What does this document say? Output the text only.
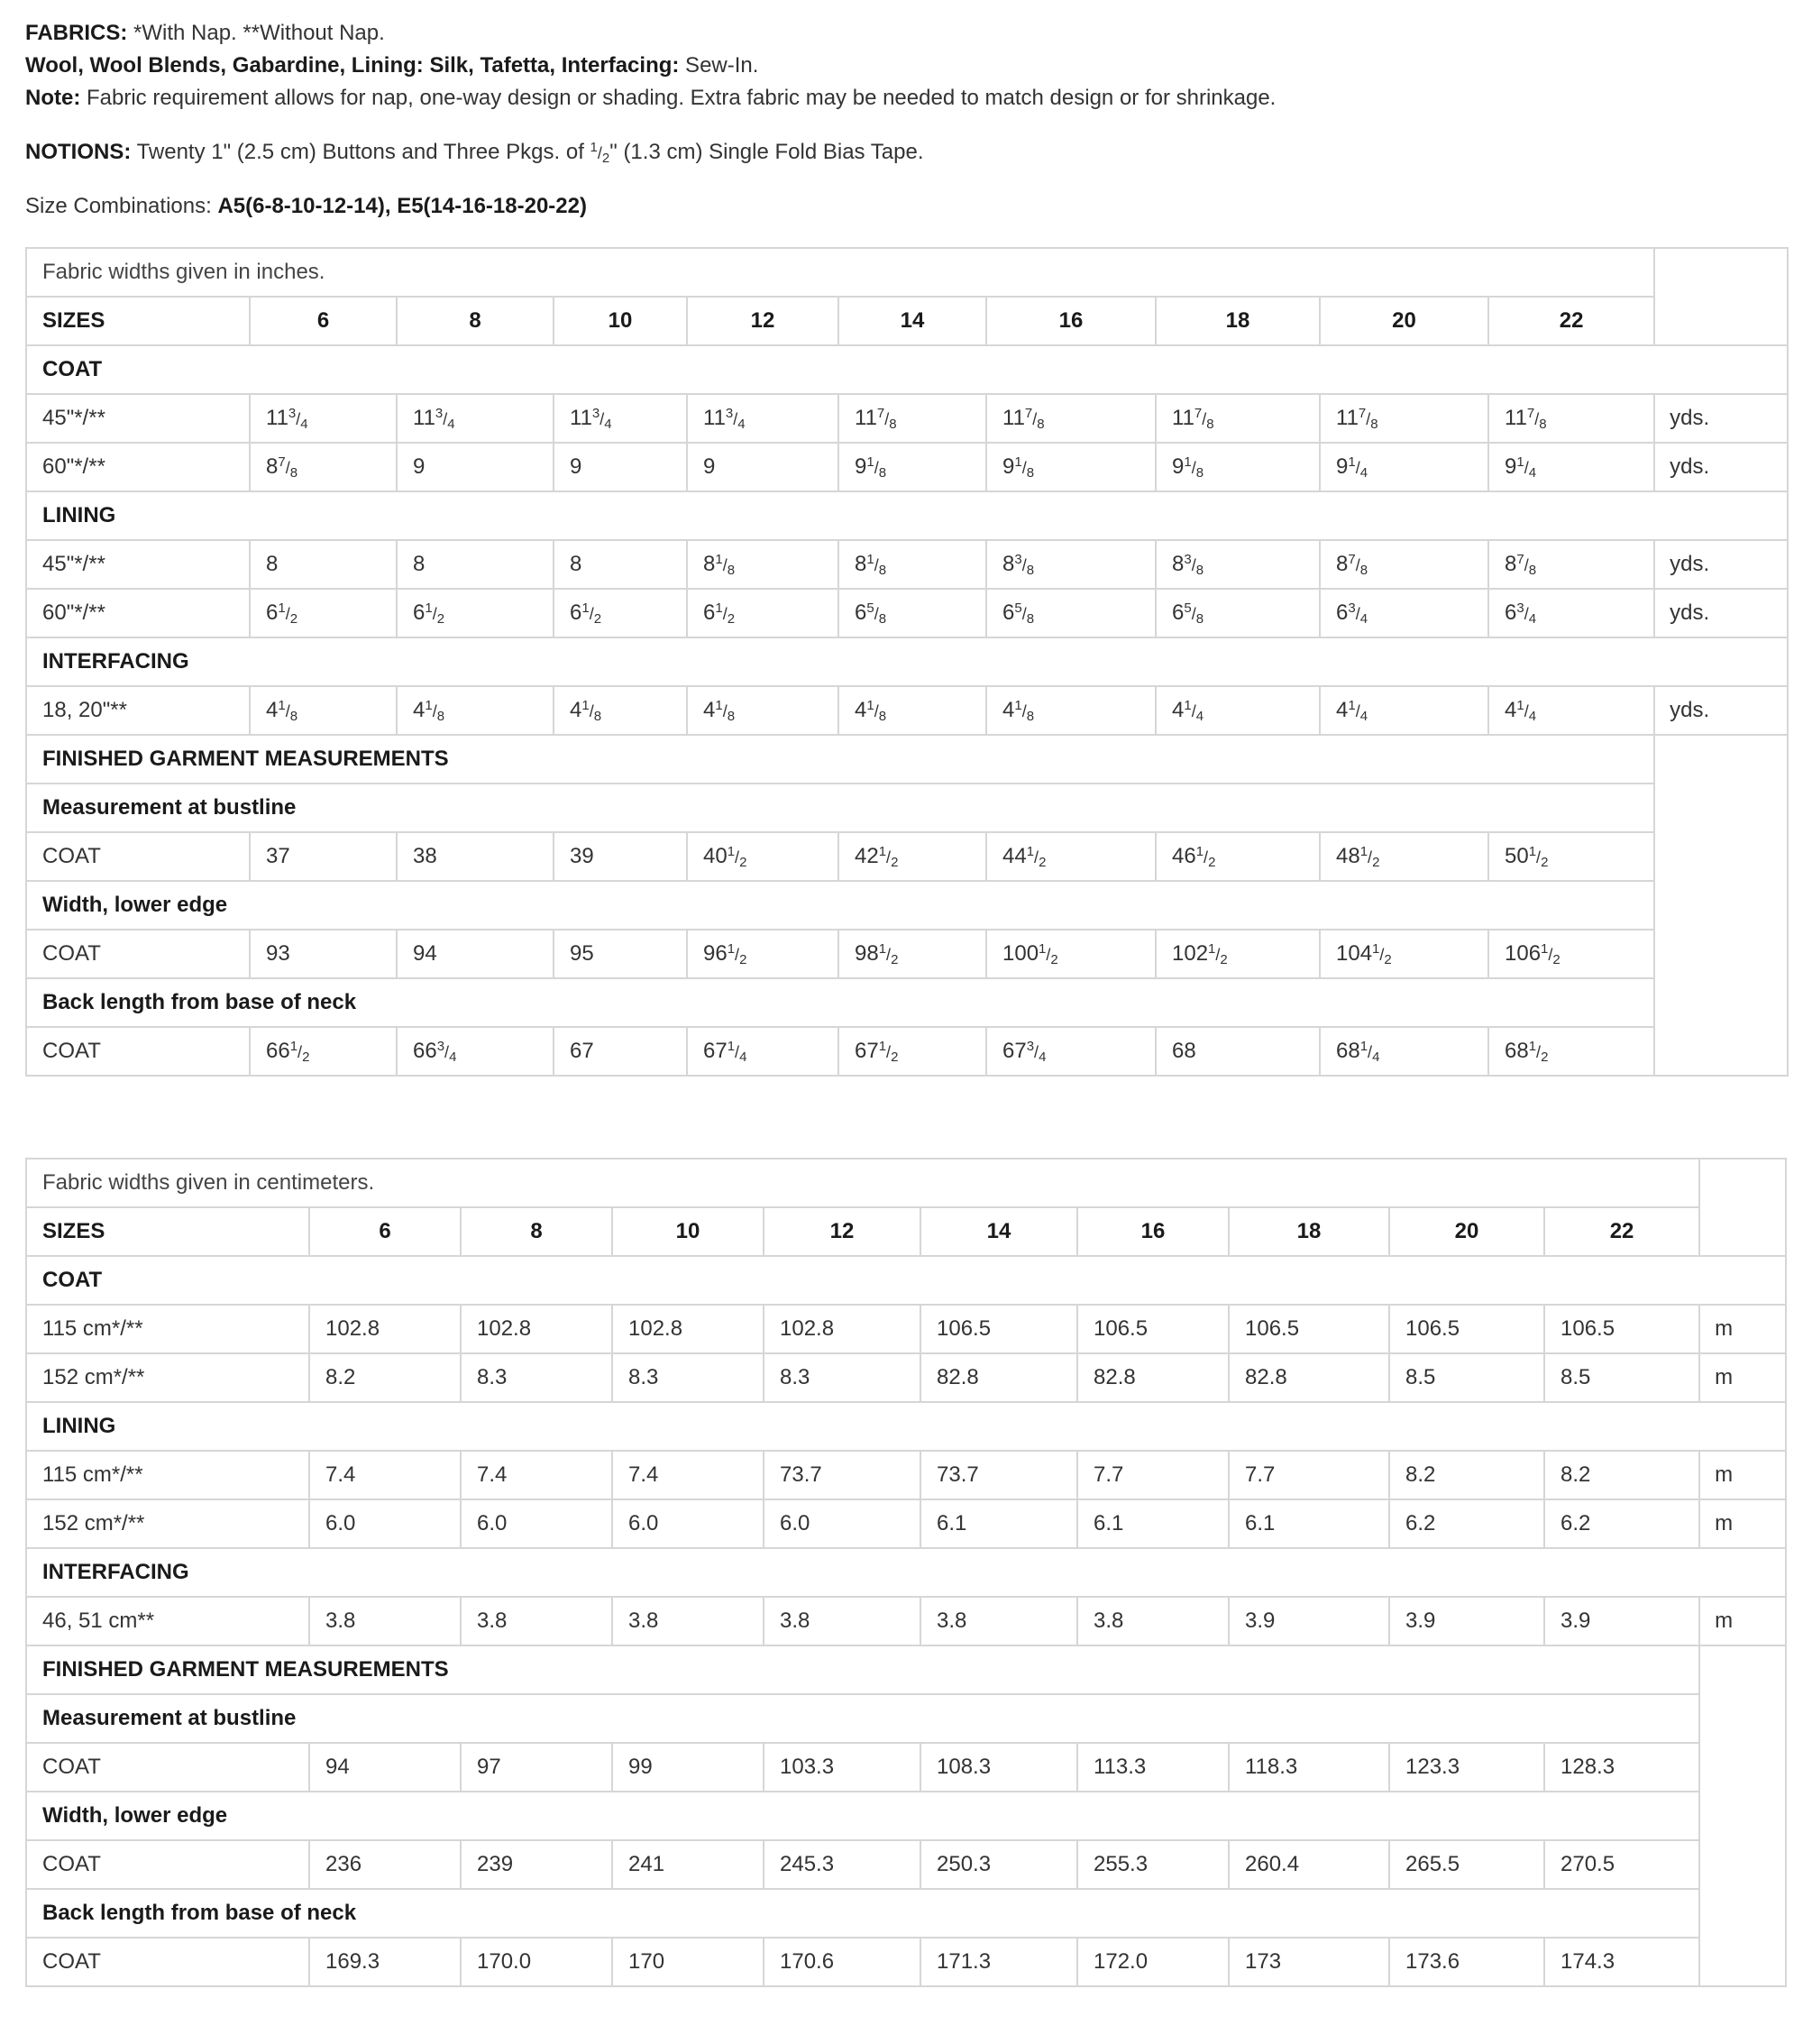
FABRICS: *With Nap. **Without Nap.
Wool, Wool Blends, Gabardine, Lining: Silk, Tafetta, Interfacing: Sew-In.
Note: Fabric requirement allows for nap, one-way design or shading. Extra fabric may be needed to match design or for shrinkage.
NOTIONS: Twenty 1" (2.5 cm) Buttons and Three Pkgs. of $^1/_2$" (1.3 cm) Single Fold Bias Tape.
Size Combinations: A5(6-8-10-12-14), E5(14-16-18-20-22)
Fabric widths given in inches.										
SIZES	6	8	10	12	14	16	18	20	22	
COAT										
45"*/**	$11^3/_4$	$11^3/_4$	$11^3/_4$	$11^3/_4$	$11^7/_8$	$11^7/_8$	$11^7/_8$	$11^7/_8$	$11^7/_8$	yds.
60"*/**	$8^7/_8$	9	9	9	$9^1/_8$	$9^1/_8$	$9^1/_8$	$9^1/_4$	$9^1/_4$	yds.
LINING										
45"*/**	8	8	8	$8^1/_8$	$8^1/_8$	$8^3/_8$	$8^3/_8$	$8^7/_8$	$8^7/_8$	yds.
60"*/**	$6^1/_2$	$6^1/_2$	$6^1/_2$	$6^1/_2$	$6^5/_8$	$6^5/_8$	$6^5/_8$	$6^3/_4$	$6^3/_4$	yds.
INTERFACING										
18, 20"**	$4^1/_8$	$4^1/_8$	$4^1/_8$	$4^1/_8$	$4^1/_8$	$4^1/_8$	$4^1/_4$	$4^1/_4$	$4^1/_4$	yds.
FINISHED GARMENT MEASUREMENTS										
Measurement at bustline										
COAT	37	38	39	$40^1/_2$	$42^1/_2$	$44^1/_2$	$46^1/_2$	$48^1/_2$	$50^1/_2$	
Width, lower edge										
COAT	93	94	95	$96^1/_2$	$98^1/_2$	$100^1/_2$	$102^1/_2$	$104^1/_2$	$106^1/_2$	
Back length from base of neck										
COAT	$66^1/_2$	$66^3/_4$	67	$67^1/_4$	$67^1/_2$	$67^3/_4$	68	$68^1/_4$	$68^1/_2$	
Fabric widths given in centimeters.										
SIZES	6	8	10	12	14	16	18	20	22	
COAT										
115 cm*/**	102.8	102.8	102.8	102.8	106.5	106.5	106.5	106.5	106.5	m
152 cm*/**	8.2	8.3	8.3	8.3	82.8	82.8	82.8	8.5	8.5	m
LINING										
115 cm*/**	7.4	7.4	7.4	73.7	73.7	7.7	7.7	8.2	8.2	m
152 cm*/**	6.0	6.0	6.0	6.0	6.1	6.1	6.1	6.2	6.2	m
INTERFACING										
46, 51 cm**	3.8	3.8	3.8	3.8	3.8	3.8	3.9	3.9	3.9	m
FINISHED GARMENT MEASUREMENTS										
Measurement at bustline										
COAT	94	97	99	103.3	108.3	113.3	118.3	123.3	128.3	
Width, lower edge										
COAT	236	239	241	245.3	250.3	255.3	260.4	265.5	270.5	
Back length from base of neck										
COAT	169.3	170.0	170	170.6	171.3	172.0	173	173.6	174.3	
